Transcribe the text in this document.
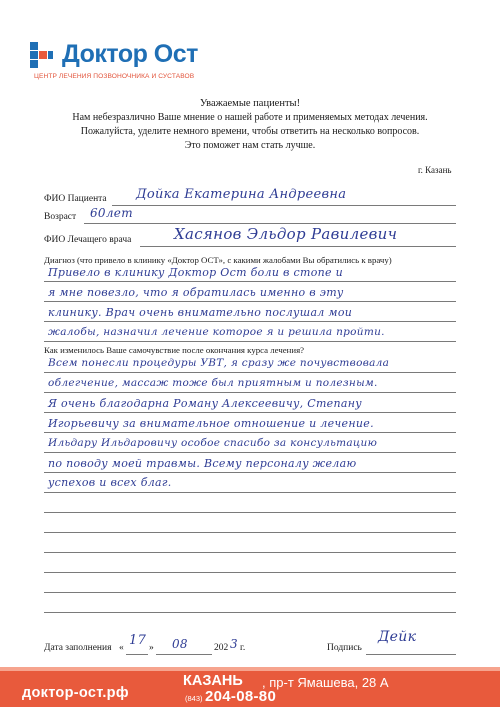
Доктор Ост
ЦЕНТР ЛЕЧЕНИЯ ПОЗВОНОЧНИКА И СУСТАВОВ
Уважаемые пациенты!
Нам небезразлично Ваше мнение о нашей работе и применяемых методах лечения.
Пожалуйста, уделите немного времени, чтобы ответить на несколько вопросов.
Это поможет нам стать лучше.
г. Казань
ФИО Пациента Дойка Екатерина Андреевна
Возраст 60лет
ФИО Лечащего врача	Хасянов Эльдор Равилевич
Диагноз (что привело в клинику «Доктор ОСТ», с какими жалобами Вы обратились к врачу)
Привело в клинику Доктор Ост боли в стопе и
я мне повезло, что я обратилась именно в эту
клинику. Врач очень внимательно послушал мои
жалобы, назначил лечение которое я и решила пройти.
Как изменилось Ваше самочувствие после окончания курса лечения?
Всем понесли процедуры УВТ, я сразу же почувствовала
облегчение, массаж тоже был приятным и полезным.
Я очень благодарна Роману Алексеевичу, Степану
Игорьевичу за внимательное отношение и лечение.
Ильдару Ильдаровичу особое спасибо за консультацию
по поводу моей травмы. Всему персоналу желаю
успехов и всех благ.
Дата заполнения « 17 » 08	202 3 г.	Подпись
Дейк
доктор-ост.рф
КАЗАНЬ , пр-т Ямашева, 28 А
(843) 204-08-80
